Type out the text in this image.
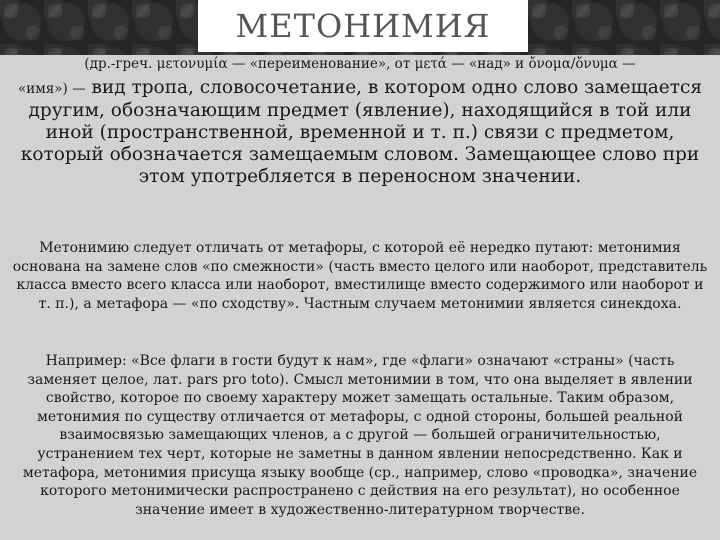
МЕТОНИМИЯ

(др.-греч. μετονυμία — «переименование», от μετά — «над» и ὄνομα/ὄνυμα —

«имя») — вид тропа, словосочетание, в котором одно слово замещается другим, обозначающим предмет (явление), находящийся в той или иной (пространственной, временной и т. п.) связи с предметом, который обозначается замещаемым словом. Замещающее слово при этом употребляется в переносном значении.

Метонимию следует отличать от метафоры, с которой её нередко путают: метонимия основана на замене слов «по смежности» (часть вместо целого или наоборот, представитель класса вместо всего класса или наоборот, вместилище вместо содержимого или наоборот и т. п.), а метафора — «по сходству». Частным случаем метонимии является синекдоха.

Например: «Все флаги в гости будут к нам», где «флаги» означают «страны» (часть заменяет целое, лат. pars pro toto). Смысл метонимии в том, что она выделяет в явлении свойство, которое по своему характеру может замещать остальные. Таким образом, метонимия по существу отличается от метафоры, с одной стороны, большей реальной взаимосвязью замещающих членов, а с другой — большей ограничительностью, устранением тех черт, которые не заметны в данном явлении непосредственно. Как и метафора, метонимия присуща языку вообще (ср., например, слово «проводка», значение которого метонимически распространено с действия на его результат), но особенное значение имеет в художественно-литературном творчестве.
